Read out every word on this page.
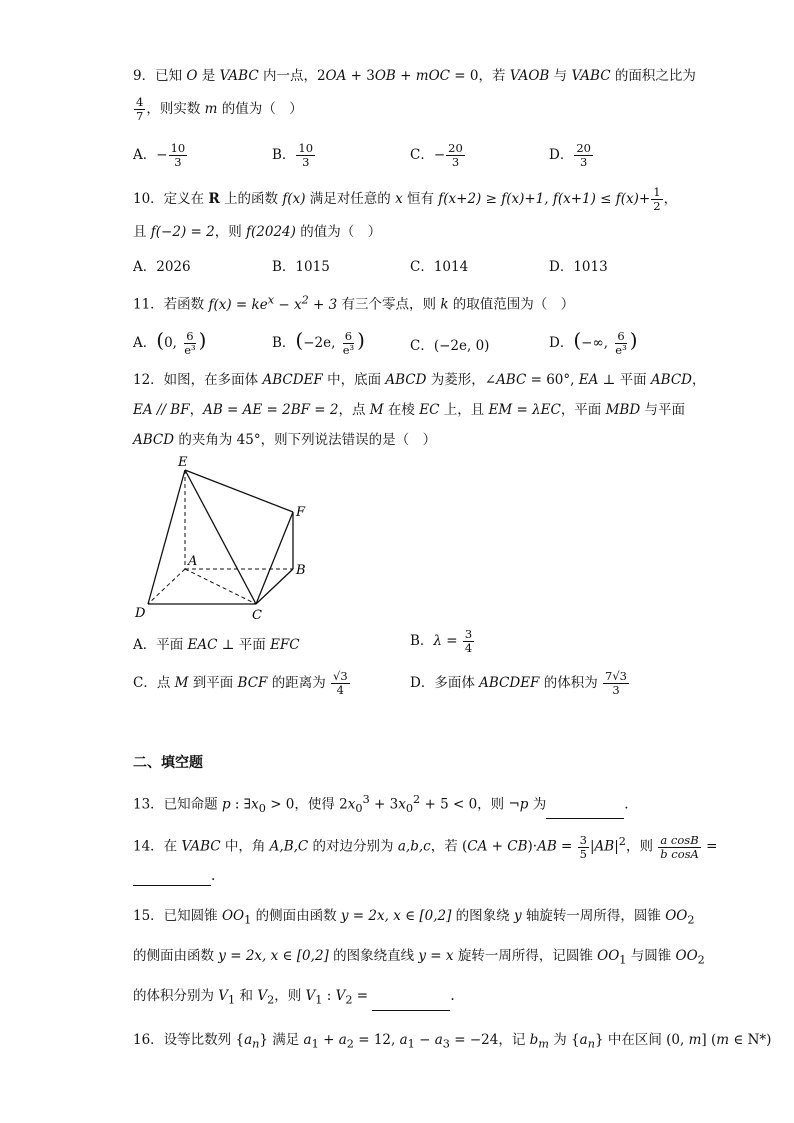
9．已知 O 是 VABC 内一点，2OA + 3OB + mOC = 0，若 VAOB 与 VABC 的面积之比为
$\frac{4}{7}$ ，则实数 m 的值为（　）
A．− $\frac{10}{3}$	B． $\frac{10}{3}$	C．− $\frac{20}{3}$	D． $\frac{20}{3}$
10．定义在 R 上的函数 f(x) 满足对任意的 x 恒有 f(x+2) ≥ f(x)+1, $f(x+1) \le f(x)+ \frac{1}{2}$ ，
且 f(−2) = 2，则 f(2024) 的值为（　）
A．2026	B．1015	C．1014	D．1013
11．若函数 $f(x) = ke^x - x^2 + 3$ 有三个零点，则 k 的取值范围为（　）
A．(0, $\frac{6}{\text{e³}}$ )	B．(−2e, $\frac{6}{\text{e³}}$ )	C．(−2e, 0)	D．(−∞, $\frac{6}{\text{e³}}$ )
12．如图，在多面体 ABCDEF 中，底面 ABCD 为菱形，∠ABC = 60°, EA ⊥ 平面 ABCD，
EA // BF，AB = AE = 2BF = 2，点 M 在棱 EC 上，且 EM = λEC，平面 MBD 与平面
ABCD 的夹角为 45°，则下列说法错误的是（　）
E
F
A
B
D	C
A．平面 EAC ⊥ 平面 EFC	B．$\lambda = \frac{3}{4}$
C．点 M 到平面 BCF 的距离为 $\frac{√3}{4}$	D．多面体 ABCDEF 的体积为 $\frac{7√3}{3}$
二、填空题
13．已知命题 p : $\exists x_0 > 0$，使得 $2x_0^3 + 3x_0^2 + 5 < 0$，则 ¬p 为	.
14．在 VABC 中，角 A,B,C 的对边分别为 a,b,c，若 $(CA + CB)\cdot AB = \frac{3}{5} |AB|^2$，则 $\frac{\text{a cosB}}{\text{b cosA}}$ =
.
15．已知圆锥 $OO_1$ 的侧面由函数 y = 2x, x ∈ [0,2] 的图象绕 y 轴旋转一周所得，圆锥 $OO_2$
的侧面由函数 y = 2x, x ∈ [0,2] 的图象绕直线 y = x 旋转一周所得，记圆锥 $OO_1$ 与圆锥 $OO_2$
的体积分别为 $V_1$ 和 $V_2$，则 $V_1$ : $V_2$ =	.
16．设等比数列 $\{a_n\}$ 满足 $a_1 + a_2 = 12$, $a_1 - a_3 = -24$，记 $b_m$ 为 $\{a_n\}$ 中在区间 (0, m] (m ∈ N*)
